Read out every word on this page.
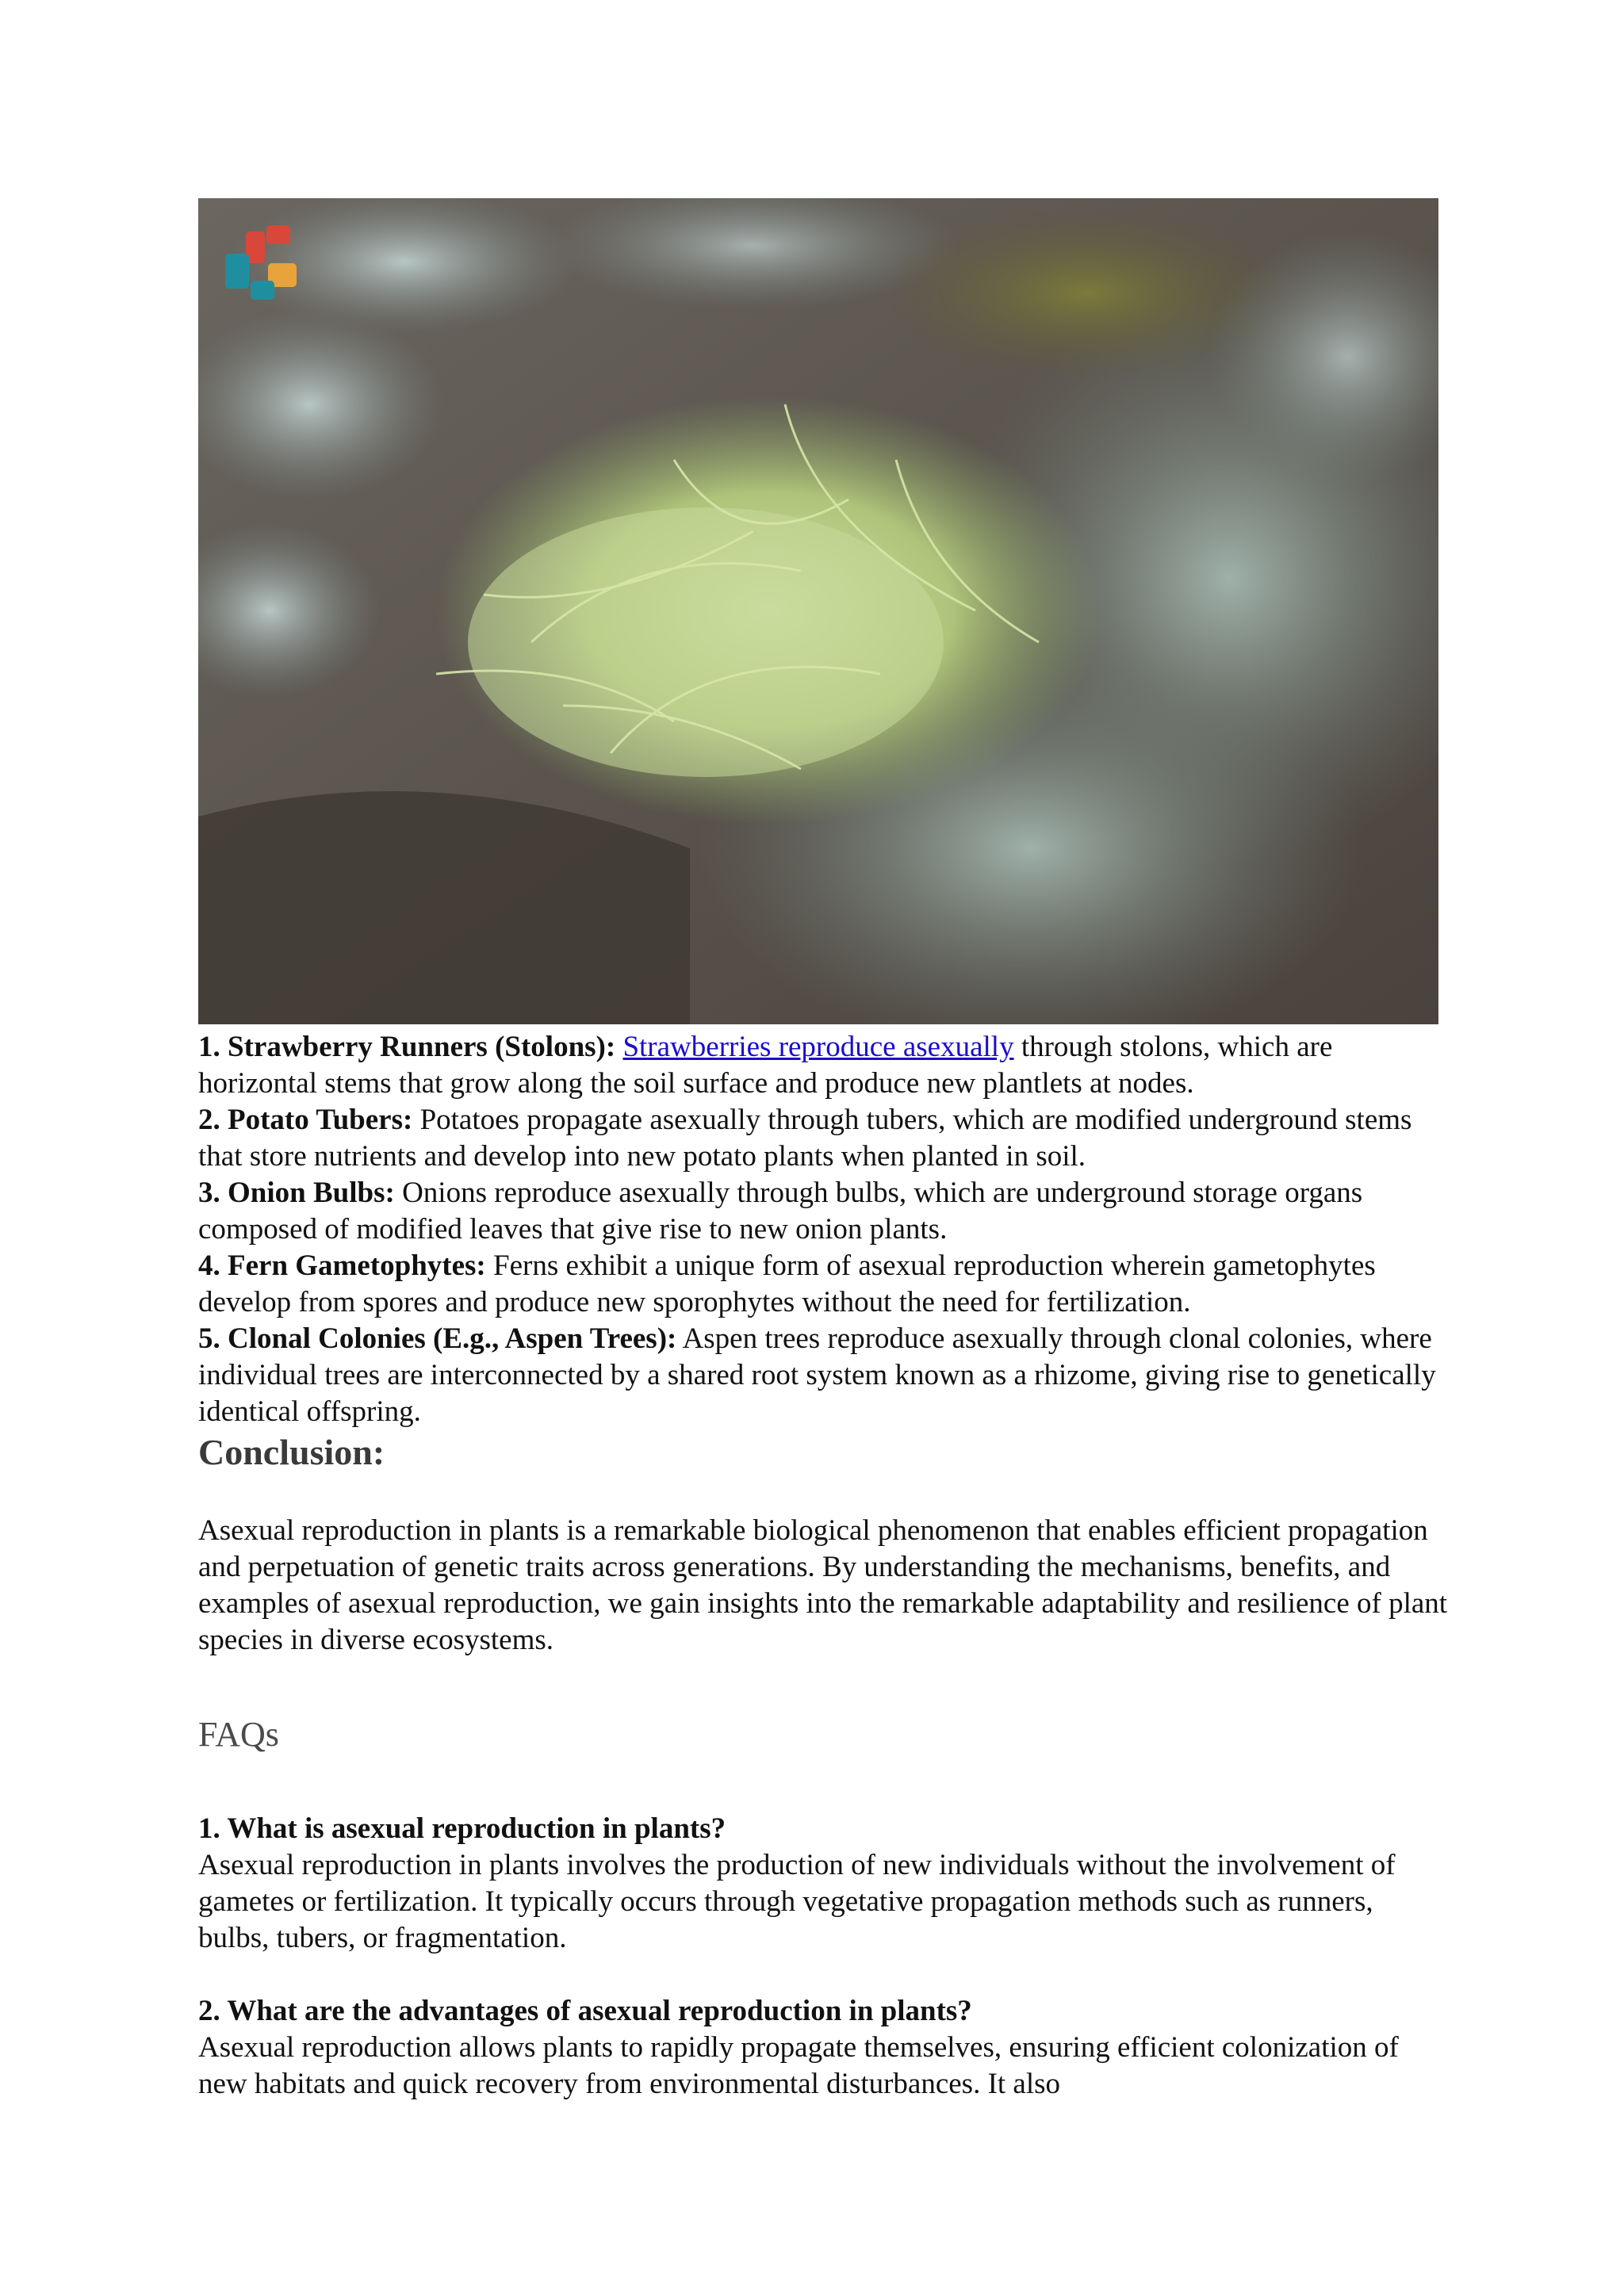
1. Strawberry Runners (Stolons): Strawberries reproduce asexually through stolons, which are horizontal stems that grow along the soil surface and produce new plantlets at nodes.

2. Potato Tubers: Potatoes propagate asexually through tubers, which are modified underground stems that store nutrients and develop into new potato plants when planted in soil.

3. Onion Bulbs: Onions reproduce asexually through bulbs, which are underground storage organs composed of modified leaves that give rise to new onion plants.

4. Fern Gametophytes: Ferns exhibit a unique form of asexual reproduction wherein gametophytes develop from spores and produce new sporophytes without the need for fertilization.

5. Clonal Colonies (E.g., Aspen Trees): Aspen trees reproduce asexually through clonal colonies, where individual trees are interconnected by a shared root system known as a rhizome, giving rise to genetically identical offspring.

Conclusion:

Asexual reproduction in plants is a remarkable biological phenomenon that enables efficient propagation and perpetuation of genetic traits across generations. By understanding the mechanisms, benefits, and examples of asexual reproduction, we gain insights into the remarkable adaptability and resilience of plant species in diverse ecosystems.

FAQs

1. What is asexual reproduction in plants?

Asexual reproduction in plants involves the production of new individuals without the involvement of gametes or fertilization. It typically occurs through vegetative propagation methods such as runners, bulbs, tubers, or fragmentation.

2. What are the advantages of asexual reproduction in plants?

Asexual reproduction allows plants to rapidly propagate themselves, ensuring efficient colonization of new habitats and quick recovery from environmental disturbances. It also
